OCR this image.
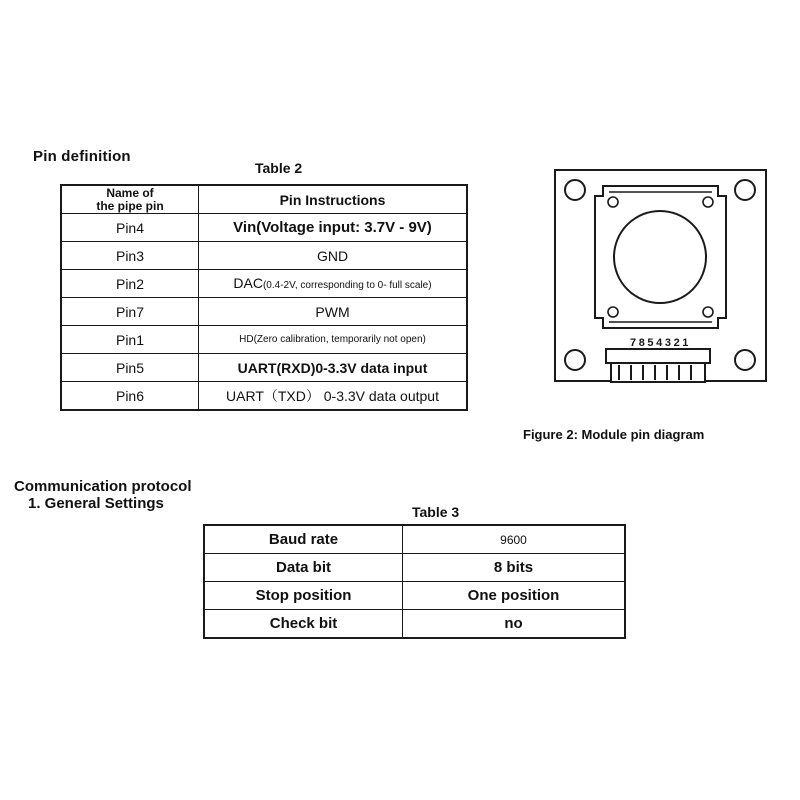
Pin definition
Table 2
Name of
the pipe pin	Pin Instructions
Pin4	Vin(Voltage input: 3.7V - 9V)
Pin3	GND
Pin2	DAC(0.4-2V, corresponding to 0- full scale)
Pin7	PWM
Pin1	HD(Zero calibration, temporarily not open)
Pin5	UART(RXD)0-3.3V data input
Pin6	UART（TXD） 0-3.3V data output
7854321
Figure 2: Module pin diagram
Communication protocol
1. General Settings	Table 3
Baud rate	9600
Data bit	8 bits
Stop position	One position
Check bit	no
